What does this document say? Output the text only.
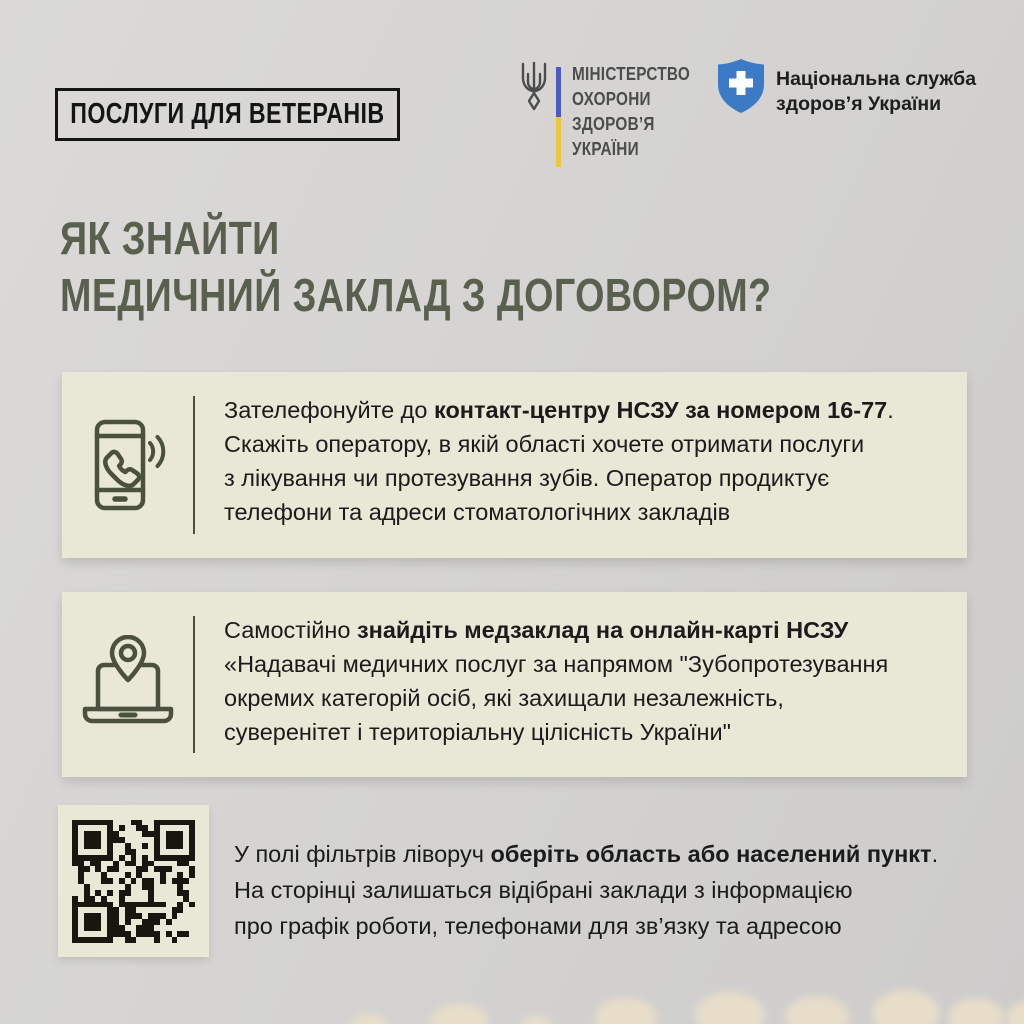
ПОСЛУГИ ДЛЯ ВЕТЕРАНІВ
МІНІСТЕРСТВО
ОХОРОНИ
ЗДОРОВ’Я
УКРАЇНИ
Національна служба
здоров’я України
ЯК ЗНАЙТИ
МЕДИЧНИЙ ЗАКЛАД З ДОГОВОРОМ?
Зателефонуйте до контакт-центру НСЗУ за номером 16-77.
Скажіть оператору, в якій області хочете отримати послуги
з лікування чи протезування зубів. Оператор продиктує
телефони та адреси стоматологічних закладів
Самостійно знайдіть медзаклад на онлайн-карті НСЗУ
«Надавачі медичних послуг за напрямом "Зубопротезування
окремих категорій осіб, які захищали незалежність,
суверенітет і територіальну цілісність України"
У полі фільтрів ліворуч оберіть область або населений пункт.
На сторінці залишаться відібрані заклади з інформацією
про графік роботи, телефонами для зв’язку та адресою
